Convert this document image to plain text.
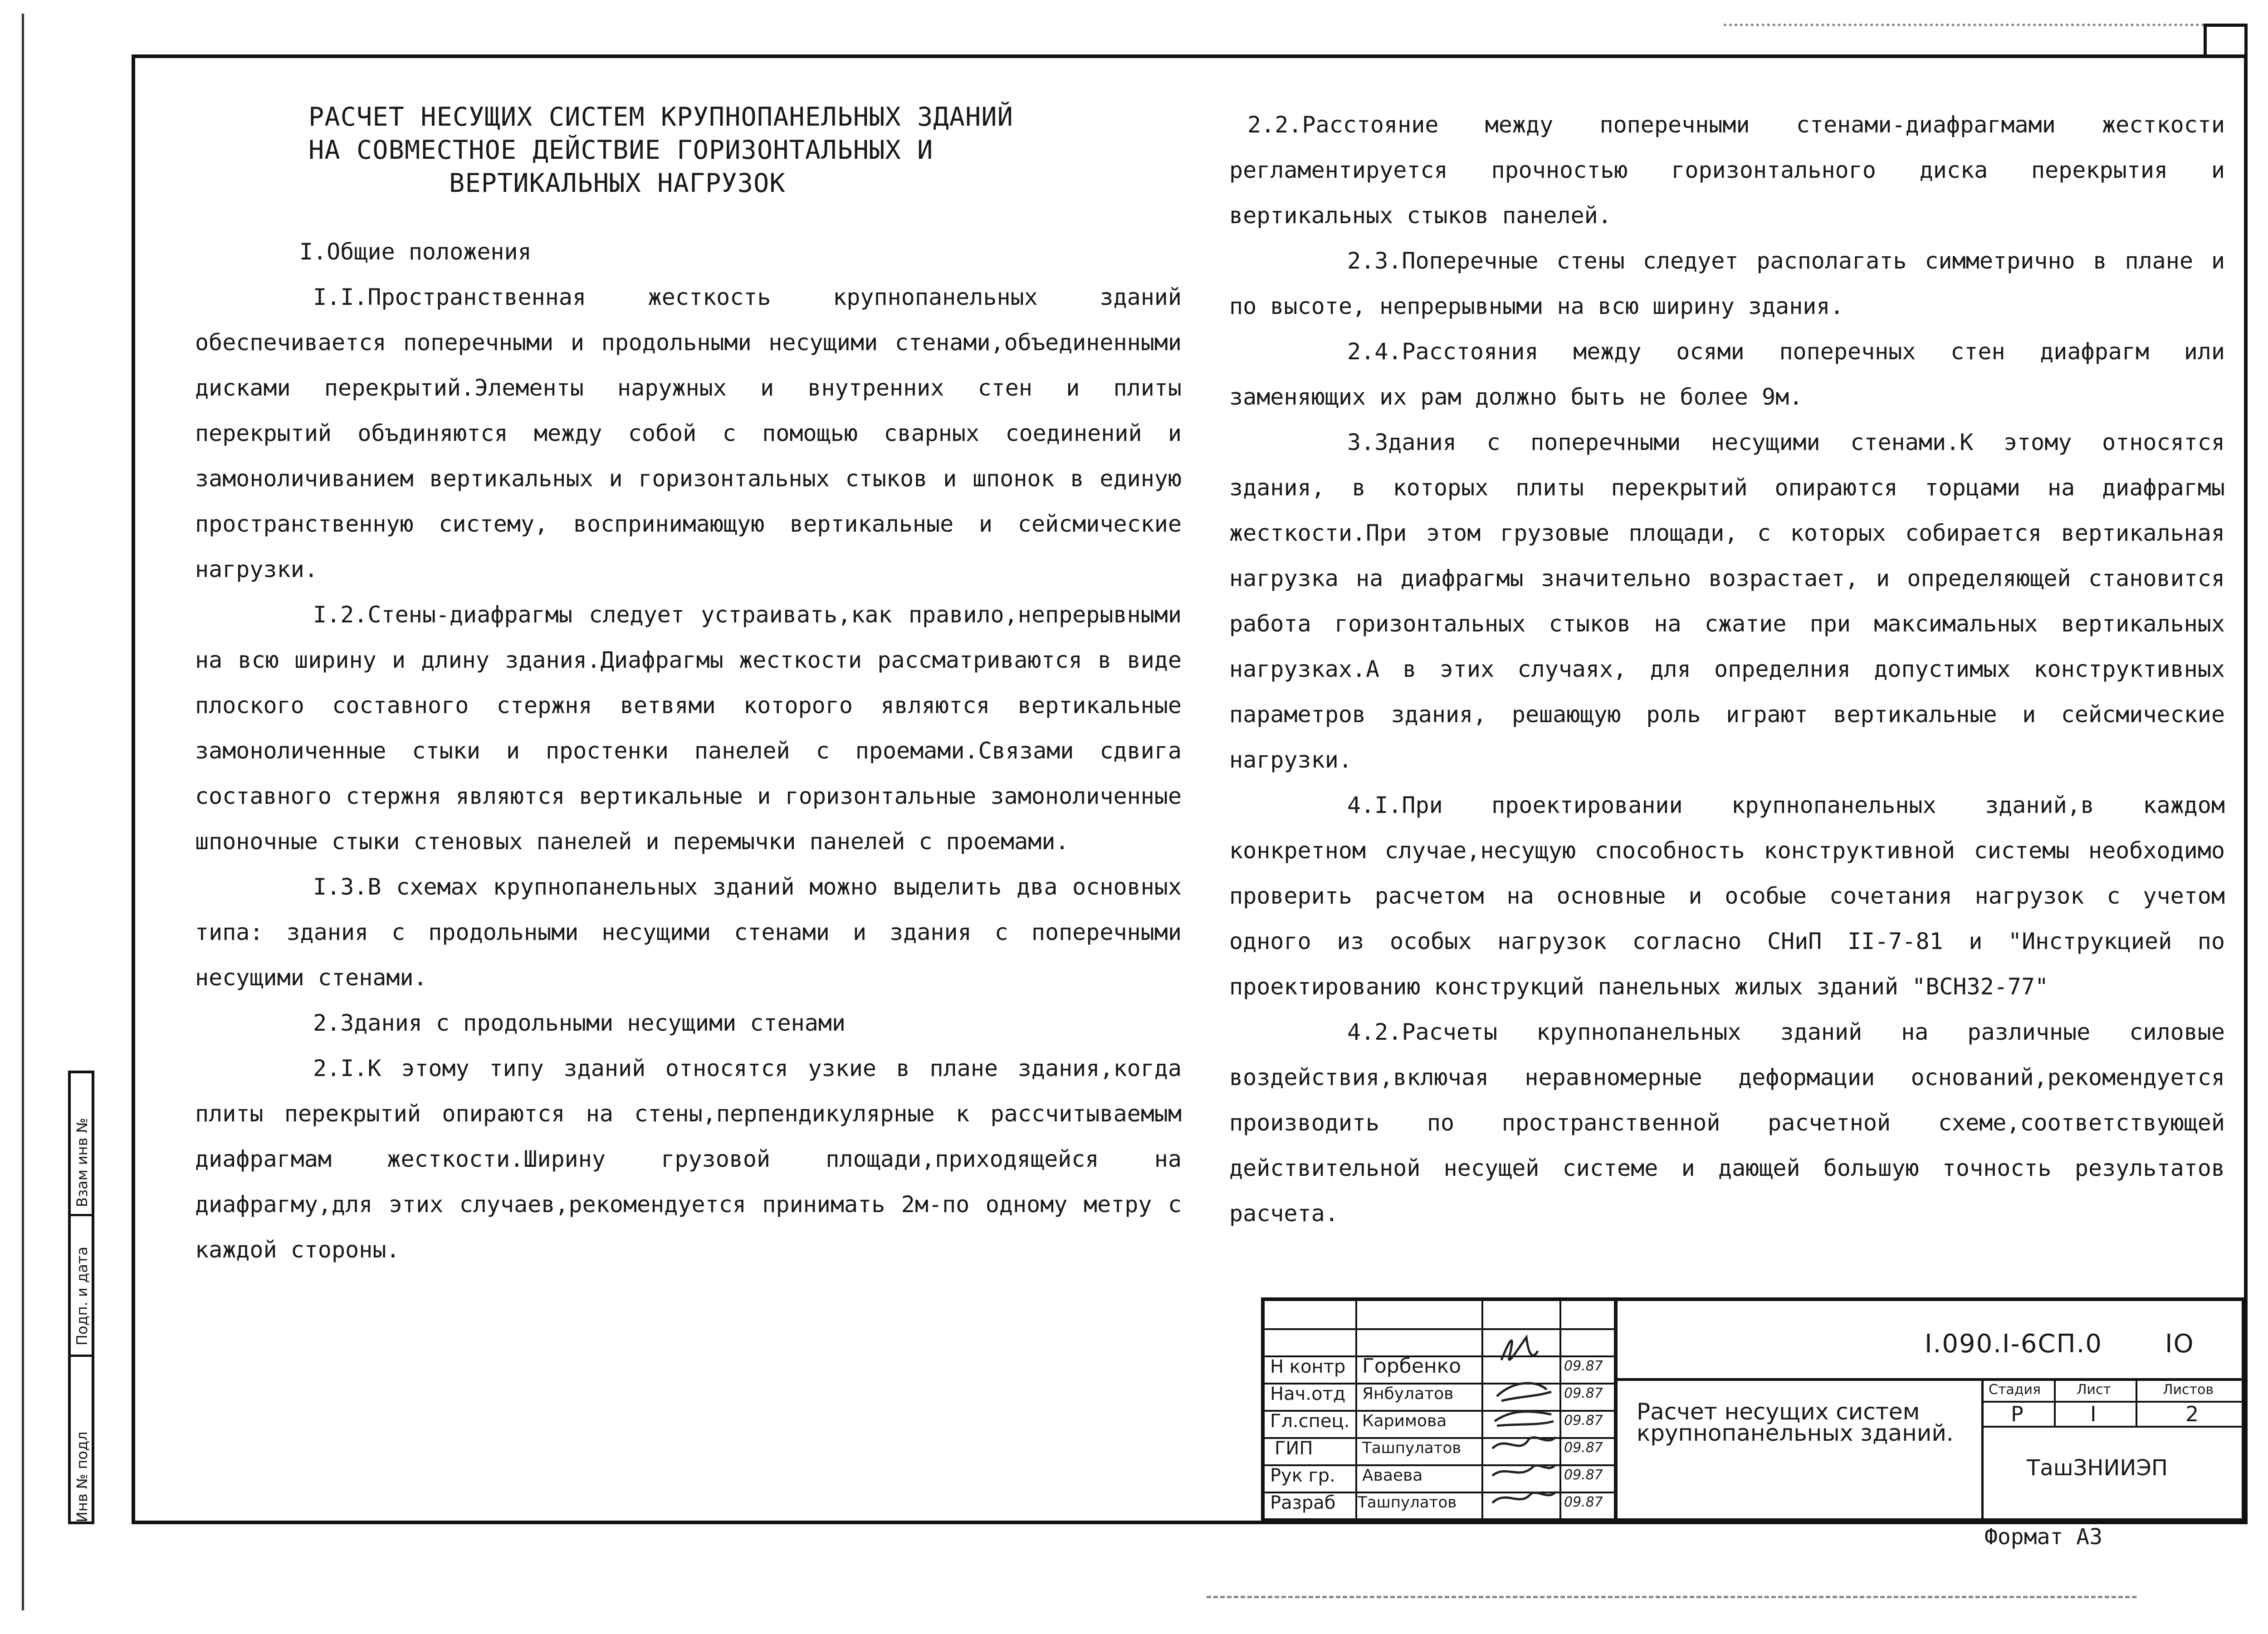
РАСЧЕТ НЕСУЩИХ СИСТЕМ КРУПНОПАНЕЛЬНЫХ ЗДАНИЙ
НА СОВМЕСТНОЕ ДЕЙСТВИЕ ГОРИЗОНТАЛЬНЫХ И
ВЕРТИКАЛЬНЫХ НАГРУЗОК

I.Общие положения

I.I.Пространственная жесткость крупнопанельных зданий обеспечивается поперечными и продольными несущими стенами,объединенными дисками перекрытий.Элементы наружных и внутренних стен и плиты перекрытий объдиняются между собой с помощью сварных соединений и замоноличиванием вертикальных и горизонтальных стыков и шпонок в единую пространственную систему, воспринимающую вертикальные и сейсмические нагрузки.

I.2.Стены-диафрагмы следует устраивать,как правило,непрерывными на всю ширину и длину здания.Диафрагмы жесткости рассматриваются в виде плоского составного стержня ветвями которого являются вертикальные замоноличенные стыки и простенки панелей с проемами.Связами сдвига составного стержня являются вертикальные и горизонтальные замоноличенные шпоночные стыки стеновых панелей и перемычки панелей с проемами.

I.3.В схемах крупнопанельных зданий можно выделить два основных типа: здания с продольными несущими стенами и здания с поперечными несущими стенами.

2.Здания с продольными несущими стенами

2.I.К этому типу зданий относятся узкие в плане здания,когда плиты перекрытий опираются на стены,перпендикулярные к рассчитываемым диафрагмам жесткости.Ширину грузовой площади,приходящейся на диафрагму,для этих случаев,рекомендуется принимать 2м-по одному метру с каждой стороны.

2.2.Расстояние между поперечными стенами-диафрагмами жесткости регламентируется прочностью горизонтального диска перекрытия и вертикальных стыков панелей.

2.3.Поперечные стены следует располагать симметрично в плане и по высоте, непрерывными на всю ширину здания.

2.4.Расстояния между осями поперечных стен диафрагм или заменяющих их рам должно быть не более 9м.

3.Здания с поперечными несущими стенами.К этому относятся здания, в которых плиты перекрытий опираются торцами на диафрагмы жесткости.При этом грузовые площади, с которых собирается вертикальная нагрузка на диафрагмы значительно возрастает, и определяющей становится работа горизонтальных стыков на сжатие при максимальных вертикальных нагрузках.А в этих случаях, для определния допустимых конструктивных параметров здания, решающую роль играют вертикальные и сейсмические нагрузки.

4.I.При проектировании крупнопанельных зданий,в каждом конкретном случае,несущую способность конструктивной системы необходимо проверить расчетом на основные и особые сочетания нагрузок с учетом одного из особых нагрузок согласно СНиП II-7-81 и "Инструкцией по проектированию конструкций панельных жилых зданий "ВСН32-77"

4.2.Расчеты крупнопанельных зданий на различные силовые воздействия,включая неравномерные деформации оснований,рекомендуется производить по пространственной расчетной схеме,соответствующей действительной несущей системе и дающей большую точность результатов расчета.

I.090.I-6СП.0 IO
Расчет несущих систем
крупнопанельных зданий.
Стадия	Лист	Листов
Р	I	2
ТашЗНИИЭП
Н контр Горбенко	09.87
Нач.отд Янбулатов	09.87
Гл.спец. Каримова	09.87
ГИП	Ташпулатов	09.87
Рук гр. Аваева	09.87
Разраб Ташпулатов	09.87
Формат А3
Инв № подл
Подп. и дата
Взам инв №
